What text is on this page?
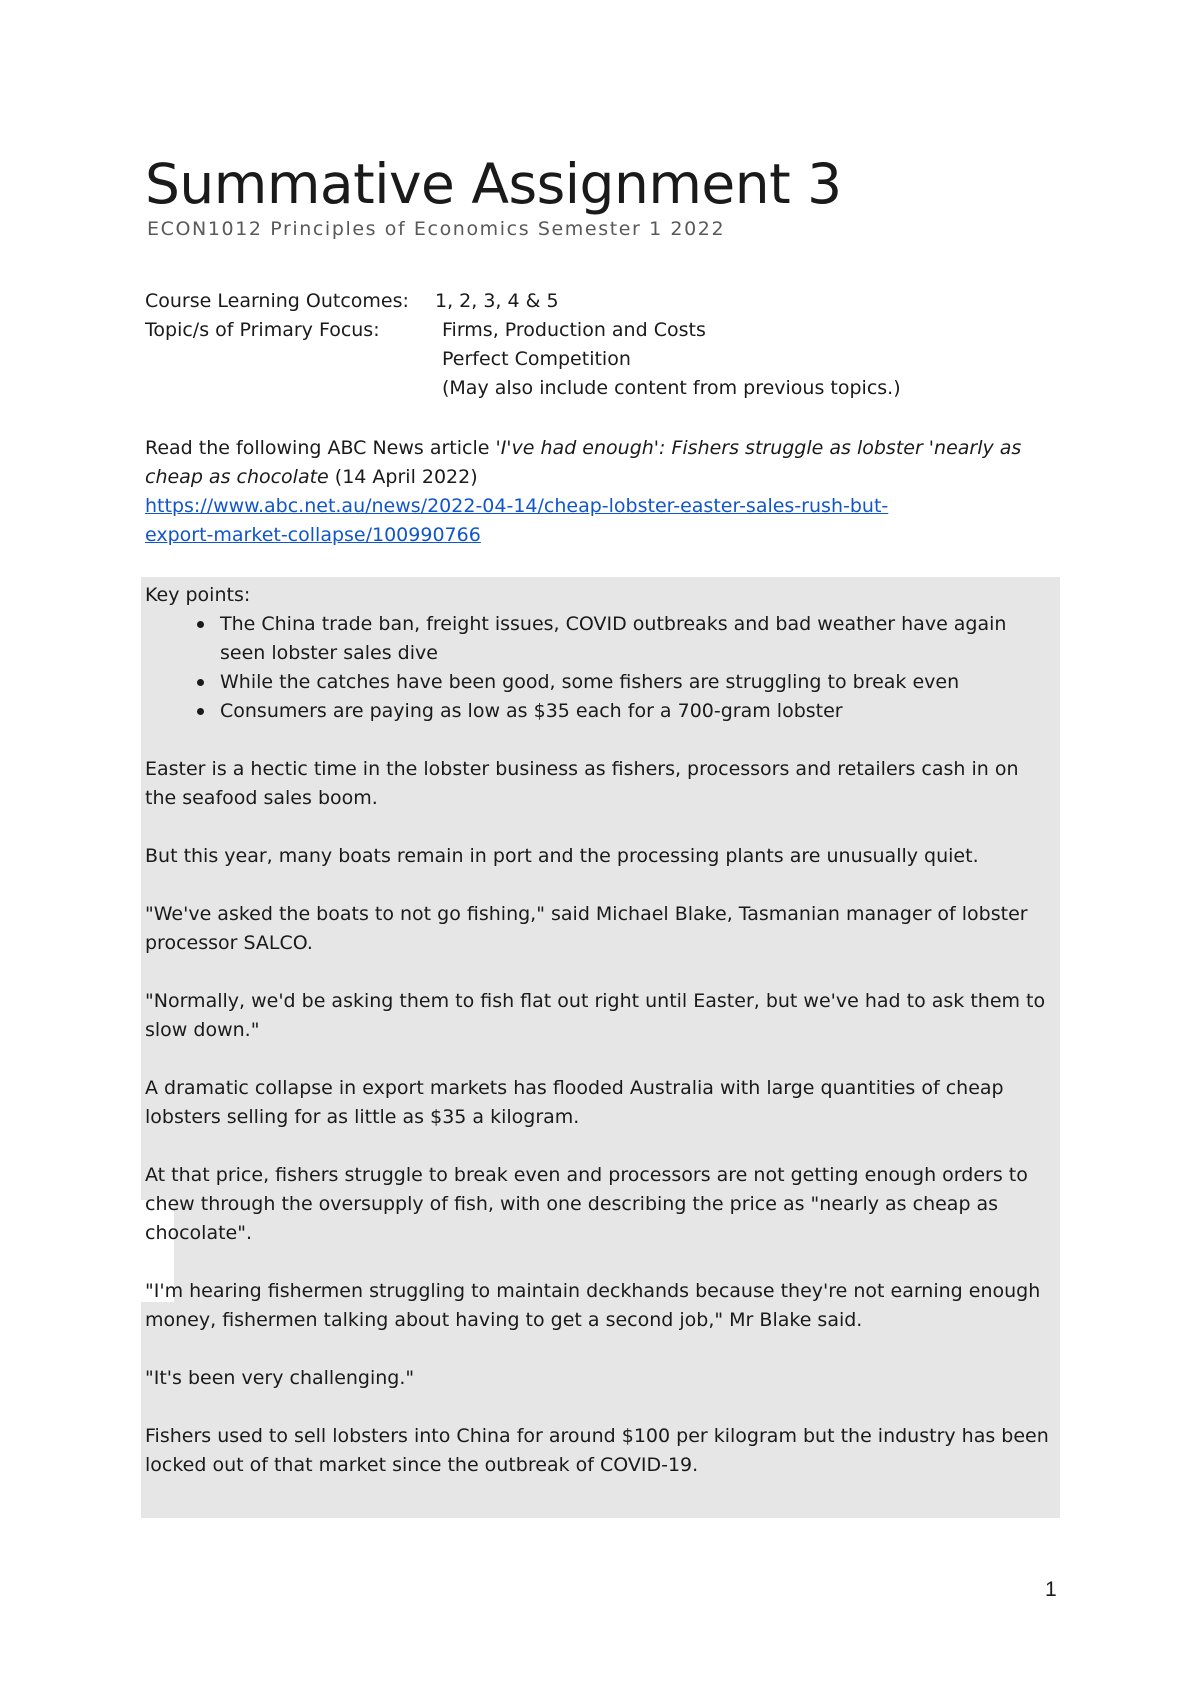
Summative Assignment 3
ECON1012 Principles of Economics Semester 1 2022
Course Learning Outcomes:	1, 2, 3, 4 & 5
Topic/s of Primary Focus:	Firms, Production and Costs
Perfect Competition
(May also include content from previous topics.)

Read the following ABC News article 'I've had enough': Fishers struggle as lobster 'nearly as cheap as chocolate (14 April 2022)

https://www.abc.net.au/news/2022-04-14/cheap-lobster-easter-sales-rush-but-
export-market-collapse/100990766

Key points:

The China trade ban, freight issues, COVID outbreaks and bad weather have again seen lobster sales dive
While the catches have been good, some fishers are struggling to break even
Consumers are paying as low as $35 each for a 700-gram lobster

Easter is a hectic time in the lobster business as fishers, processors and retailers cash in on the seafood sales boom.

But this year, many boats remain in port and the processing plants are unusually quiet.

"We've asked the boats to not go fishing," said Michael Blake, Tasmanian manager of lobster processor SALCO.

"Normally, we'd be asking them to fish flat out right until Easter, but we've had to ask them to slow down."

A dramatic collapse in export markets has flooded Australia with large quantities of cheap lobsters selling for as little as $35 a kilogram.

At that price, fishers struggle to break even and processors are not getting enough orders to chew through the oversupply of fish, with one describing the price as "nearly as cheap as chocolate".

"I'm hearing fishermen struggling to maintain deckhands because they're not earning enough money, fishermen talking about having to get a second job," Mr Blake said.

"It's been very challenging."

Fishers used to sell lobsters into China for around $100 per kilogram but the industry has been locked out of that market since the outbreak of COVID-19.

1
